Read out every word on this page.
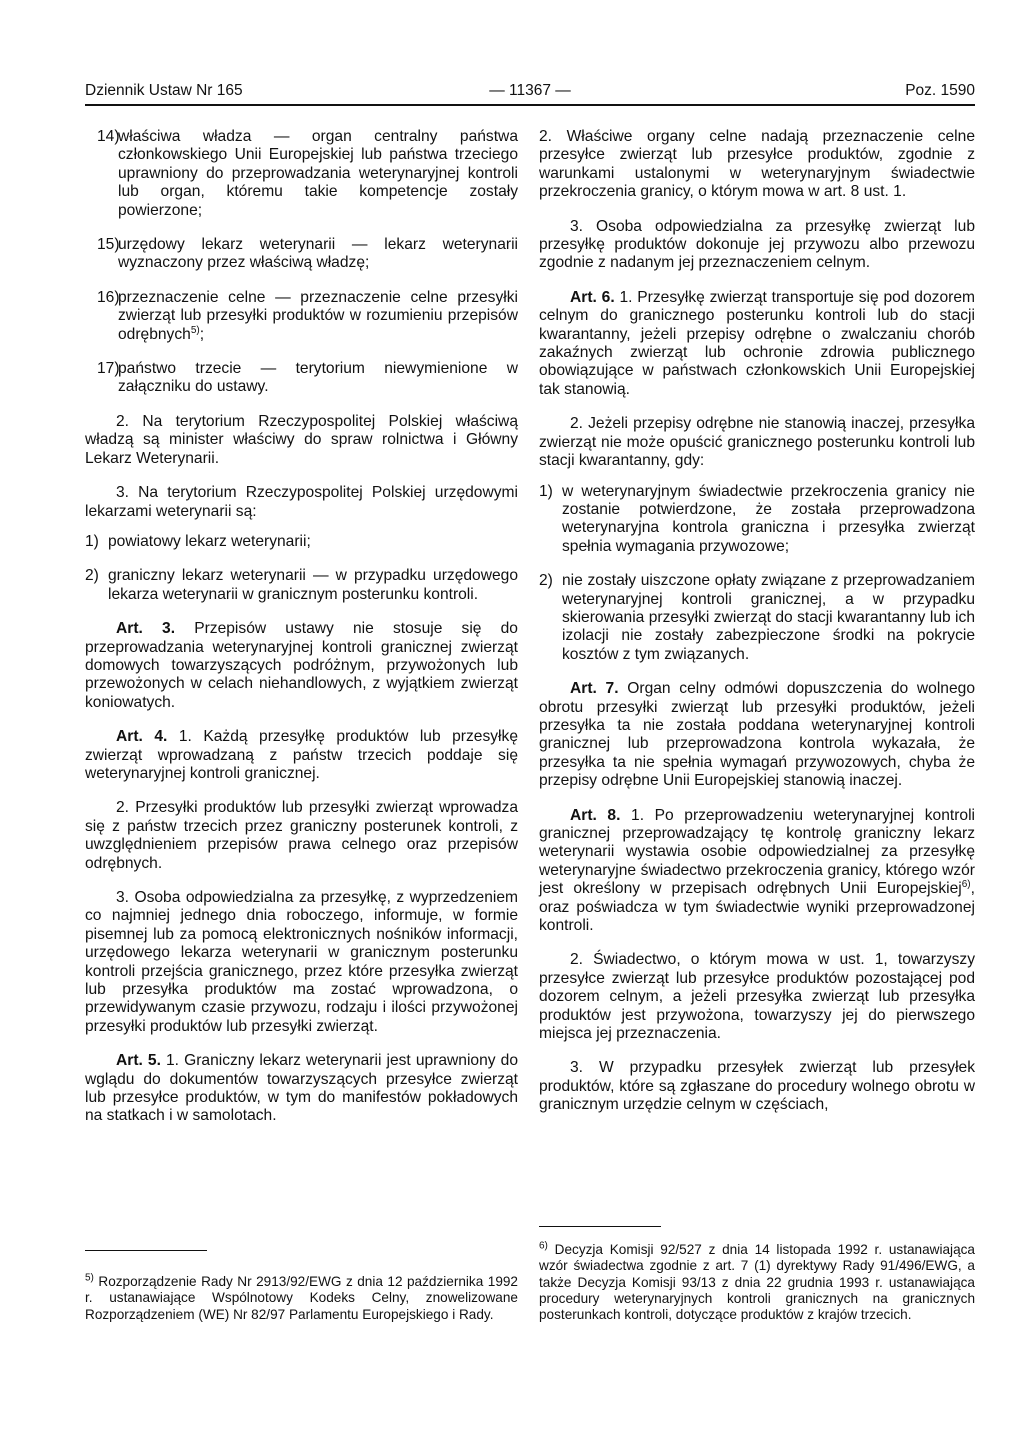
Dziennik Ustaw Nr 165	— 11367 —	Poz. 1590

14)
właściwa władza — organ centralny państwa członkowskiego Unii Europejskiej lub państwa trzeciego uprawniony do przeprowadzania weterynaryjnej kontroli lub organ, któremu takie kompetencje zostały powierzone;

15)
urzędowy lekarz weterynarii — lekarz weterynarii wyznaczony przez właściwą władzę;

16)
przeznaczenie celne — przeznaczenie celne przesyłki zwierząt lub przesyłki produktów w rozumieniu przepisów odrębnych$^{5)}$;

17)
państwo trzecie — terytorium niewymienione w załączniku do ustawy.

2. Na terytorium Rzeczypospolitej Polskiej właściwą władzą są minister właściwy do spraw rolnictwa i Główny Lekarz Weterynarii.

3. Na terytorium Rzeczypospolitej Polskiej urzędowymi lekarzami weterynarii są:

1) powiatowy lekarz weterynarii;

2) graniczny lekarz weterynarii — w przypadku urzędowego lekarza weterynarii w granicznym posterunku kontroli.

Art. 3. Przepisów ustawy nie stosuje się do przeprowadzania weterynaryjnej kontroli granicznej zwierząt domowych towarzyszących podróżnym, przywożonych lub przewożonych w celach niehandlowych, z wyjątkiem zwierząt koniowatych.

Art. 4. 1. Każdą przesyłkę produktów lub przesyłkę zwierząt wprowadzaną z państw trzecich poddaje się weterynaryjnej kontroli granicznej.

2. Przesyłki produktów lub przesyłki zwierząt wprowadza się z państw trzecich przez graniczny posterunek kontroli, z uwzględnieniem przepisów prawa celnego oraz przepisów odrębnych.

3. Osoba odpowiedzialna za przesyłkę, z wyprzedzeniem co najmniej jednego dnia roboczego, informuje, w formie pisemnej lub za pomocą elektronicznych nośników informacji, urzędowego lekarza weterynarii w granicznym posterunku kontroli przejścia granicznego, przez które przesyłka zwierząt lub przesyłka produktów ma zostać wprowadzona, o przewidywanym czasie przywozu, rodzaju i ilości przywożonej przesyłki produktów lub przesyłki zwierząt.

Art. 5. 1. Graniczny lekarz weterynarii jest uprawniony do wglądu do dokumentów towarzyszących przesyłce zwierząt lub przesyłce produktów, w tym do manifestów pokładowych na statkach i w samolotach.

2. Właściwe organy celne nadają przeznaczenie celne przesyłce zwierząt lub przesyłce produktów, zgodnie z warunkami ustalonymi w weterynaryjnym świadectwie przekroczenia granicy, o którym mowa w art. 8 ust. 1.

3. Osoba odpowiedzialna za przesyłkę zwierząt lub przesyłkę produktów dokonuje jej przywozu albo przewozu zgodnie z nadanym jej przeznaczeniem celnym.

Art. 6. 1. Przesyłkę zwierząt transportuje się pod dozorem celnym do granicznego posterunku kontroli lub do stacji kwarantanny, jeżeli przepisy odrębne o zwalczaniu chorób zakaźnych zwierząt lub ochronie zdrowia publicznego obowiązujące w państwach członkowskich Unii Europejskiej tak stanowią.

2. Jeżeli przepisy odrębne nie stanowią inaczej, przesyłka zwierząt nie może opuścić granicznego posterunku kontroli lub stacji kwarantanny, gdy:

1) w weterynaryjnym świadectwie przekroczenia granicy nie zostanie potwierdzone, że została przeprowadzona weterynaryjna kontrola graniczna i przesyłka zwierząt spełnia wymagania przywozowe;

2) nie zostały uiszczone opłaty związane z przeprowadzaniem weterynaryjnej kontroli granicznej, a w przypadku skierowania przesyłki zwierząt do stacji kwarantanny lub ich izolacji nie zostały zabezpieczone środki na pokrycie kosztów z tym związanych.

Art. 7. Organ celny odmówi dopuszczenia do wolnego obrotu przesyłki zwierząt lub przesyłki produktów, jeżeli przesyłka ta nie została poddana weterynaryjnej kontroli granicznej lub przeprowadzona kontrola wykazała, że przesyłka ta nie spełnia wymagań przywozowych, chyba że przepisy odrębne Unii Europejskiej stanowią inaczej.

Art. 8. 1. Po przeprowadzeniu weterynaryjnej kontroli granicznej przeprowadzający tę kontrolę graniczny lekarz weterynarii wystawia osobie odpowiedzialnej za przesyłkę weterynaryjne świadectwo przekroczenia granicy, którego wzór jest określony w przepisach odrębnych Unii Europejskiej$^{6)}$, oraz poświadcza w tym świadectwie wyniki przeprowadzonej kontroli.

2. Świadectwo, o którym mowa w ust. 1, towarzyszy przesyłce zwierząt lub przesyłce produktów pozostającej pod dozorem celnym, a jeżeli przesyłka zwierząt lub przesyłka produktów jest przywożona, towarzyszy jej do pierwszego miejsca jej przeznaczenia.

3. W przypadku przesyłek zwierząt lub przesyłek produktów, które są zgłaszane do procedury wolnego obrotu w granicznym urzędzie celnym w częściach,

$^{5)}$ Rozporządzenie Rady Nr 2913/92/EWG z dnia 12 października 1992 r. ustanawiające Wspólnotowy Kodeks Celny, znowelizowane Rozporządzeniem (WE) Nr 82/97 Parlamentu Europejskiego i Rady.
$^{6)}$ Decyzja Komisji 92/527 z dnia 14 listopada 1992 r. ustanawiająca wzór świadectwa zgodnie z art. 7 (1) dyrektywy Rady 91/496/EWG, a także Decyzja Komisji 93/13 z dnia 22 grudnia 1993 r. ustanawiająca procedury weterynaryjnych kontroli granicznych na granicznych posterunkach kontroli, dotyczące produktów z krajów trzecich.
